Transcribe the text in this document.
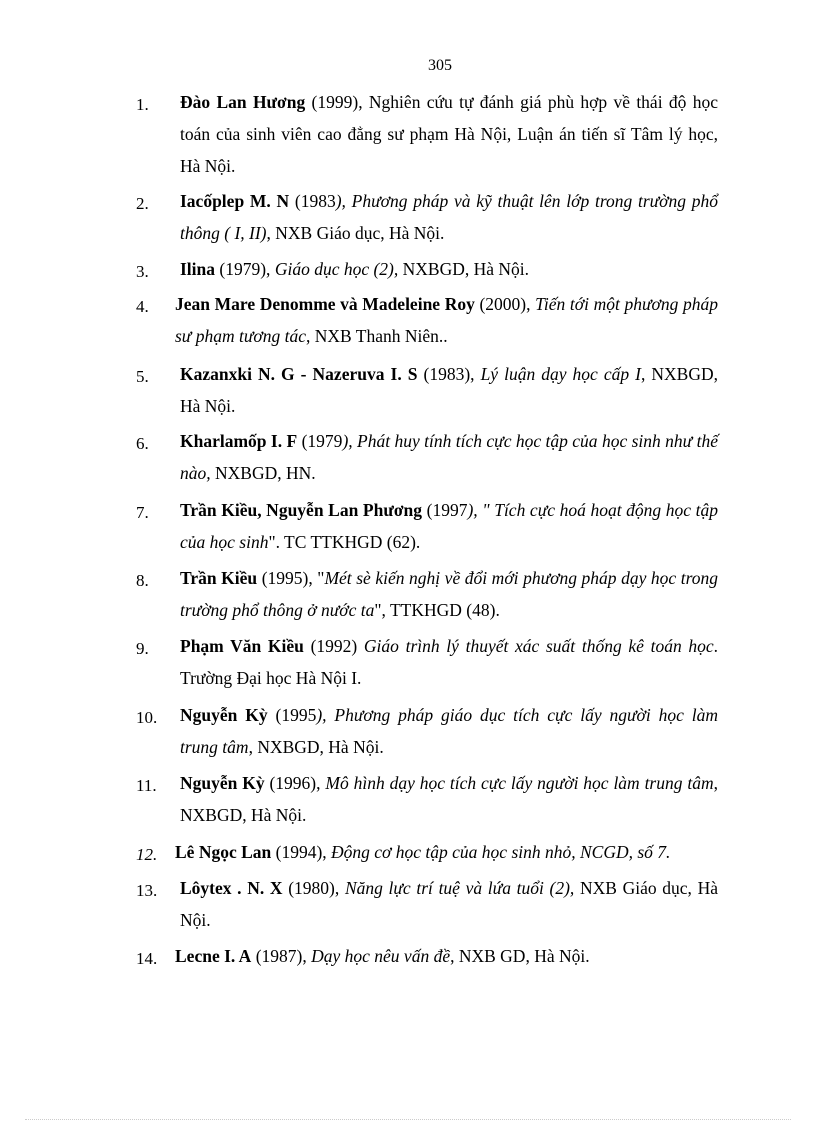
305
1. Đào Lan Hương (1999), Nghiên cứu tự đánh giá phù hợp về thái độ học toán của sinh viên cao đẳng sư phạm Hà Nội, Luận án tiến sĩ Tâm lý học, Hà Nội.
2. Iacốplep M. N (1983), Phương pháp và kỹ thuật lên lớp trong trường phổ thông ( I, II), NXB Giáo dục, Hà Nội.
3. Ilina (1979), Giáo dục học (2), NXBGD, Hà Nội.
4. Jean Mare Denomme và Madeleine Roy (2000), Tiến tới một phương pháp sư phạm tương tác, NXB Thanh Niên..
5. Kazanxki N. G - Nazeruva I. S (1983), Lý luận dạy học cấp I, NXBGD, Hà Nội.
6. Kharlamốp I. F (1979), Phát huy tính tích cực học tập của học sinh như thế nào, NXBGD, HN.
7. Trần Kiều, Nguyễn Lan Phương (1997), " Tích cực hoá hoạt động học tập của học sinh". TC TTKHGD (62).
8. Trần Kiều (1995), "Mét sè kiến nghị về đổi mới phương pháp dạy học trong trường phổ thông ở nước ta", TTKHGD (48).
9. Phạm Văn Kiều (1992) Giáo trình lý thuyết xác suất thống kê toán học. Trường Đại học Hà Nội I.
10. Nguyễn Kỳ (1995), Phương pháp giáo dục tích cực lấy người học làm trung tâm, NXBGD, Hà Nội.
11. Nguyễn Kỳ (1996), Mô hình dạy học tích cực lấy người học làm trung tâm, NXBGD, Hà Nội.
12. Lê Ngọc Lan (1994), Động cơ học tập của học sinh nhỏ, NCGD, số 7.
13. Lôytex . N. X (1980), Năng lực trí tuệ và lứa tuổi (2), NXB Giáo dục, Hà Nội.
14. Lecne I. A (1987), Dạy học nêu vấn đề, NXB GD, Hà Nội.
